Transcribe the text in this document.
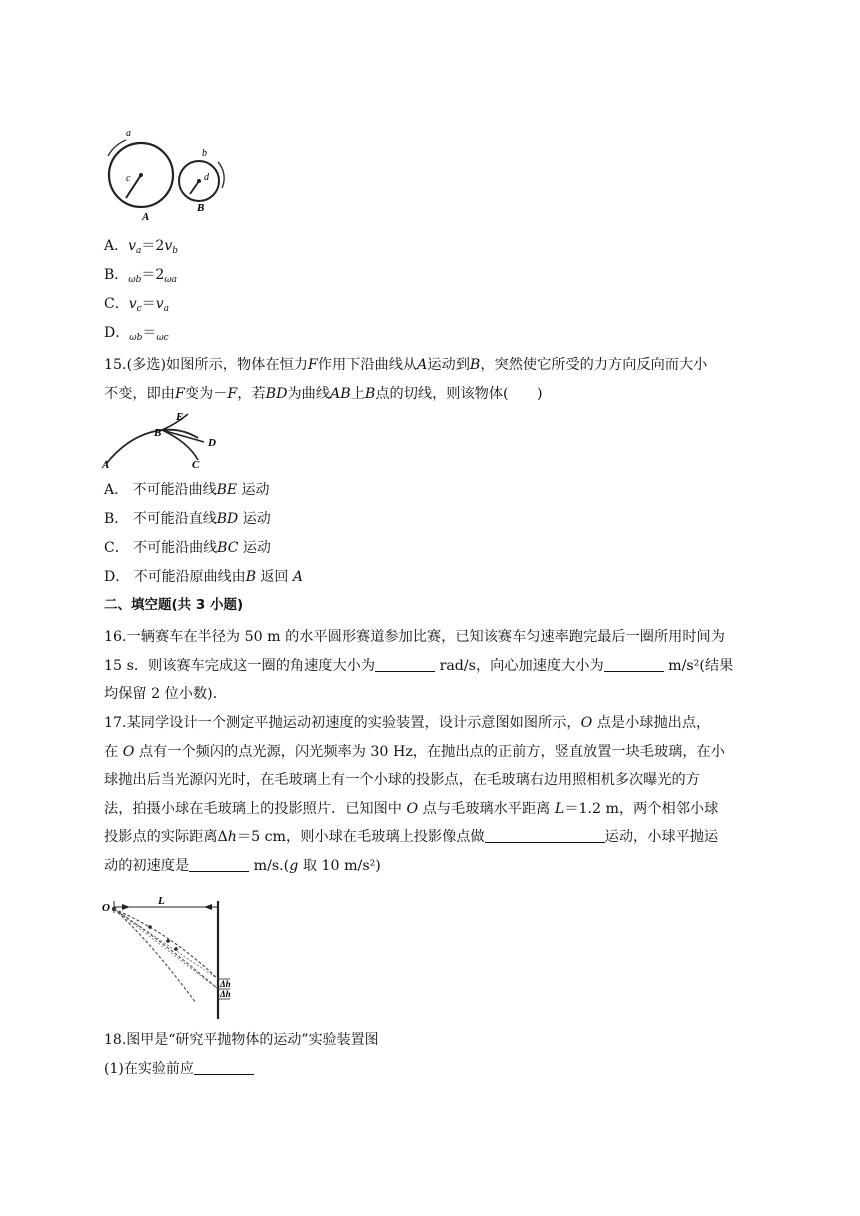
a
c
A
b
d
B
A．$v_a=2v_b$
B．$_{\omega b}=2_{\omega a}$
C．$v_c=v_a$
D．$_{\omega b}=_{\omega c}$
15.(多选)如图所示，物体在恒力F作用下沿曲线从A运动到B，突然使它所受的力方向反向而大小
不变，即由F变为－F，若BD为曲线AB上B点的切线，则该物体(　　)
A
B
E
D
C
A． 不可能沿曲线BE 运动
B． 不可能沿直线BD 运动
C． 不可能沿曲线BC 运动
D． 不可能沿原曲线由B 返回 A
二、填空题(共 3 小题)
16.一辆赛车在半径为 50 m 的水平圆形赛道参加比赛，已知该赛车匀速率跑完最后一圈所用时间为
15 s．则该赛车完成这一圈的角速度大小为	rad/s，向心加速度大小为	m/s²(结果
均保留 2 位小数)．
17.某同学设计一个测定平抛运动初速度的实验装置，设计示意图如图所示，O 点是小球抛出点，
在 O 点有一个频闪的点光源，闪光频率为 30 Hz，在抛出点的正前方，竖直放置一块毛玻璃，在小
球抛出后当光源闪光时，在毛玻璃上有一个小球的投影点，在毛玻璃右边用照相机多次曝光的方
法，拍摄小球在毛玻璃上的投影照片．已知图中 O 点与毛玻璃水平距离 L＝1.2 m，两个相邻小球
投影点的实际距离Δh＝5 cm，则小球在毛玻璃上投影像点做	运动，小球平抛运
动的初速度是	m/s.(g 取 10 m/s²)
L
O
Δh
Δh
18.图甲是“研究平抛物体的运动”实验装置图
(1)在实验前应
